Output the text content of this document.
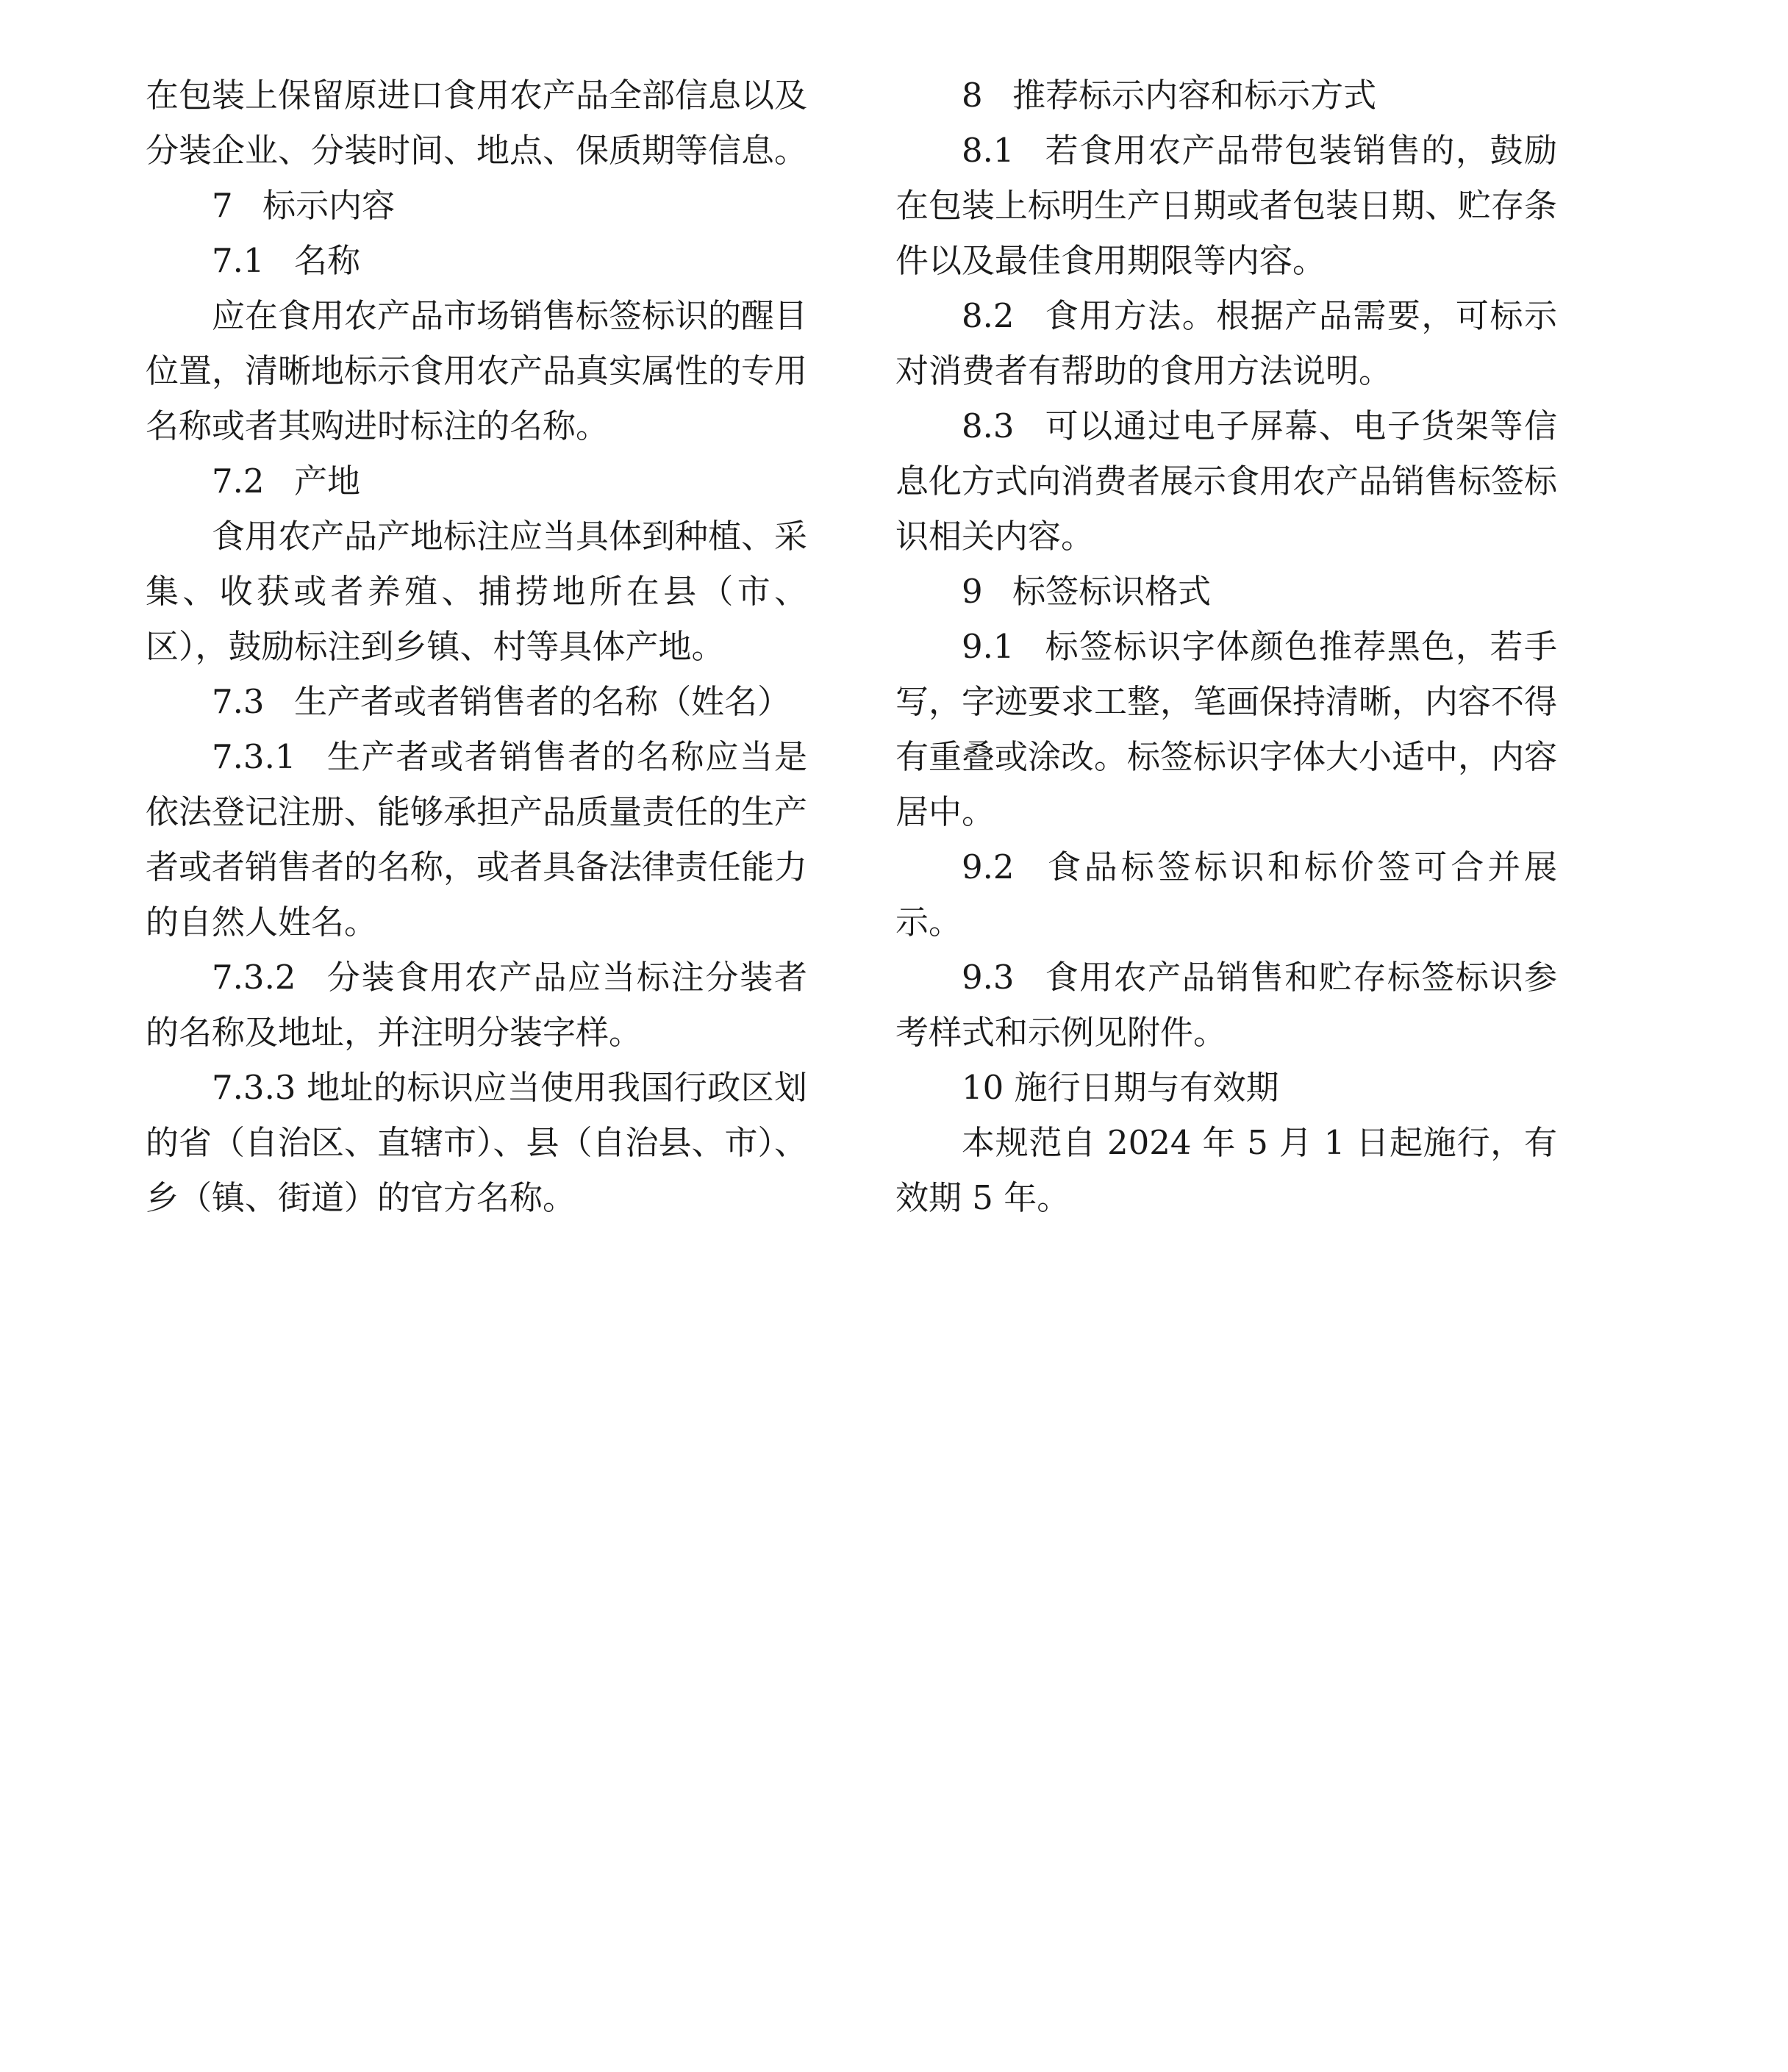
在包装上保留原进口食用农产品全部信息以及分装企业、分装时间、地点、保质期等信息。

7 标示内容

7.1 名称

应在食用农产品市场销售标签标识的醒目位置，清晰地标示食用农产品真实属性的专用名称或者其购进时标注的名称。

7.2 产地

食用农产品产地标注应当具体到种植、采集、收获或者养殖、捕捞地所在县（市、区），鼓励标注到乡镇、村等具体产地。

7.3 生产者或者销售者的名称（姓名）

7.3.1 生产者或者销售者的名称应当是依法登记注册、能够承担产品质量责任的生产者或者销售者的名称，或者具备法律责任能力的自然人姓名。

7.3.2 分装食用农产品应当标注分装者的名称及地址，并注明分装字样。

7.3.3 地址的标识应当使用我国行政区划的省（自治区、直辖市）、县（自治县、市）、乡（镇、街道）的官方名称。

8 推荐标示内容和标示方式

8.1 若食用农产品带包装销售的，鼓励在包装上标明生产日期或者包装日期、贮存条件以及最佳食用期限等内容。

8.2 食用方法。根据产品需要，可标示对消费者有帮助的食用方法说明。

8.3 可以通过电子屏幕、电子货架等信息化方式向消费者展示食用农产品销售标签标识相关内容。

9 标签标识格式

9.1 标签标识字体颜色推荐黑色，若手写，字迹要求工整，笔画保持清晰，内容不得有重叠或涂改。标签标识字体大小适中，内容居中。

9.2 食品标签标识和标价签可合并展示。

9.3 食用农产品销售和贮存标签标识参考样式和示例见附件。

10 施行日期与有效期

本规范自 2024 年 5 月 1 日起施行，有效期 5 年。
